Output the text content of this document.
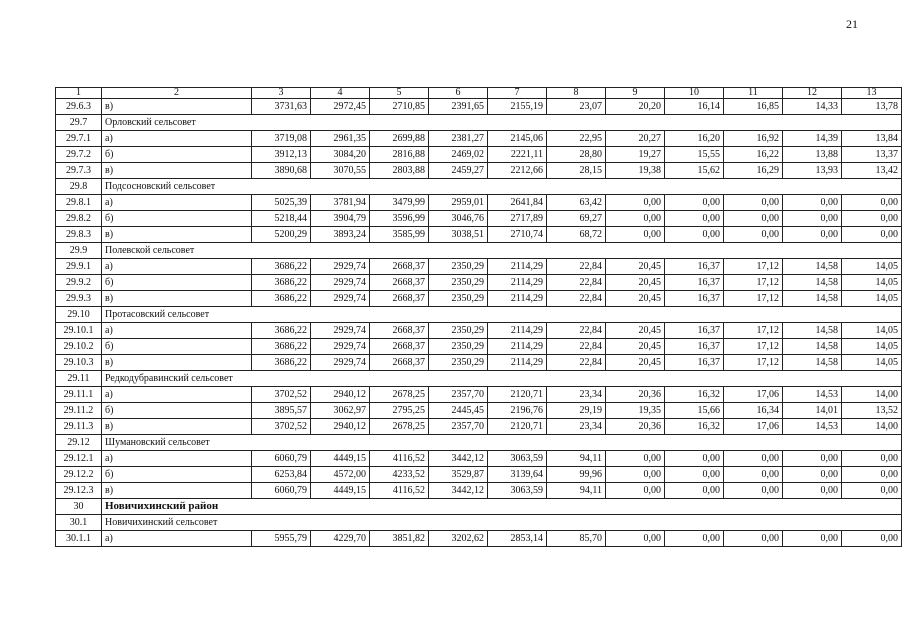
21
1	2	3	4	5	6	7	8	9	10	11	12	13
29.6.3	в)	3731,63	2972,45	2710,85	2391,65	2155,19	23,07	20,20	16,14	16,85	14,33	13,78
29.7	Орловский сельсовет											
29.7.1	а)	3719,08	2961,35	2699,88	2381,27	2145,06	22,95	20,27	16,20	16,92	14,39	13,84
29.7.2	б)	3912,13	3084,20	2816,88	2469,02	2221,11	28,80	19,27	15,55	16,22	13,88	13,37
29.7.3	в)	3890,68	3070,55	2803,88	2459,27	2212,66	28,15	19,38	15,62	16,29	13,93	13,42
29.8	Подсосновский сельсовет											
29.8.1	а)	5025,39	3781,94	3479,99	2959,01	2641,84	63,42	0,00	0,00	0,00	0,00	0,00
29.8.2	б)	5218,44	3904,79	3596,99	3046,76	2717,89	69,27	0,00	0,00	0,00	0,00	0,00
29.8.3	в)	5200,29	3893,24	3585,99	3038,51	2710,74	68,72	0,00	0,00	0,00	0,00	0,00
29.9	Полевской сельсовет											
29.9.1	а)	3686,22	2929,74	2668,37	2350,29	2114,29	22,84	20,45	16,37	17,12	14,58	14,05
29.9.2	б)	3686,22	2929,74	2668,37	2350,29	2114,29	22,84	20,45	16,37	17,12	14,58	14,05
29.9.3	в)	3686,22	2929,74	2668,37	2350,29	2114,29	22,84	20,45	16,37	17,12	14,58	14,05
29.10	Протасовский сельсовет											
29.10.1	а)	3686,22	2929,74	2668,37	2350,29	2114,29	22,84	20,45	16,37	17,12	14,58	14,05
29.10.2	б)	3686,22	2929,74	2668,37	2350,29	2114,29	22,84	20,45	16,37	17,12	14,58	14,05
29.10.3	в)	3686,22	2929,74	2668,37	2350,29	2114,29	22,84	20,45	16,37	17,12	14,58	14,05
29.11	Редкодубравинский сельсовет											
29.11.1	а)	3702,52	2940,12	2678,25	2357,70	2120,71	23,34	20,36	16,32	17,06	14,53	14,00
29.11.2	б)	3895,57	3062,97	2795,25	2445,45	2196,76	29,19	19,35	15,66	16,34	14,01	13,52
29.11.3	в)	3702,52	2940,12	2678,25	2357,70	2120,71	23,34	20,36	16,32	17,06	14,53	14,00
29.12	Шумановский сельсовет											
29.12.1	а)	6060,79	4449,15	4116,52	3442,12	3063,59	94,11	0,00	0,00	0,00	0,00	0,00
29.12.2	б)	6253,84	4572,00	4233,52	3529,87	3139,64	99,96	0,00	0,00	0,00	0,00	0,00
29.12.3	в)	6060,79	4449,15	4116,52	3442,12	3063,59	94,11	0,00	0,00	0,00	0,00	0,00
30	Новичихинский район											
30.1	Новичихинский сельсовет											
30.1.1	а)	5955,79	4229,70	3851,82	3202,62	2853,14	85,70	0,00	0,00	0,00	0,00	0,00
